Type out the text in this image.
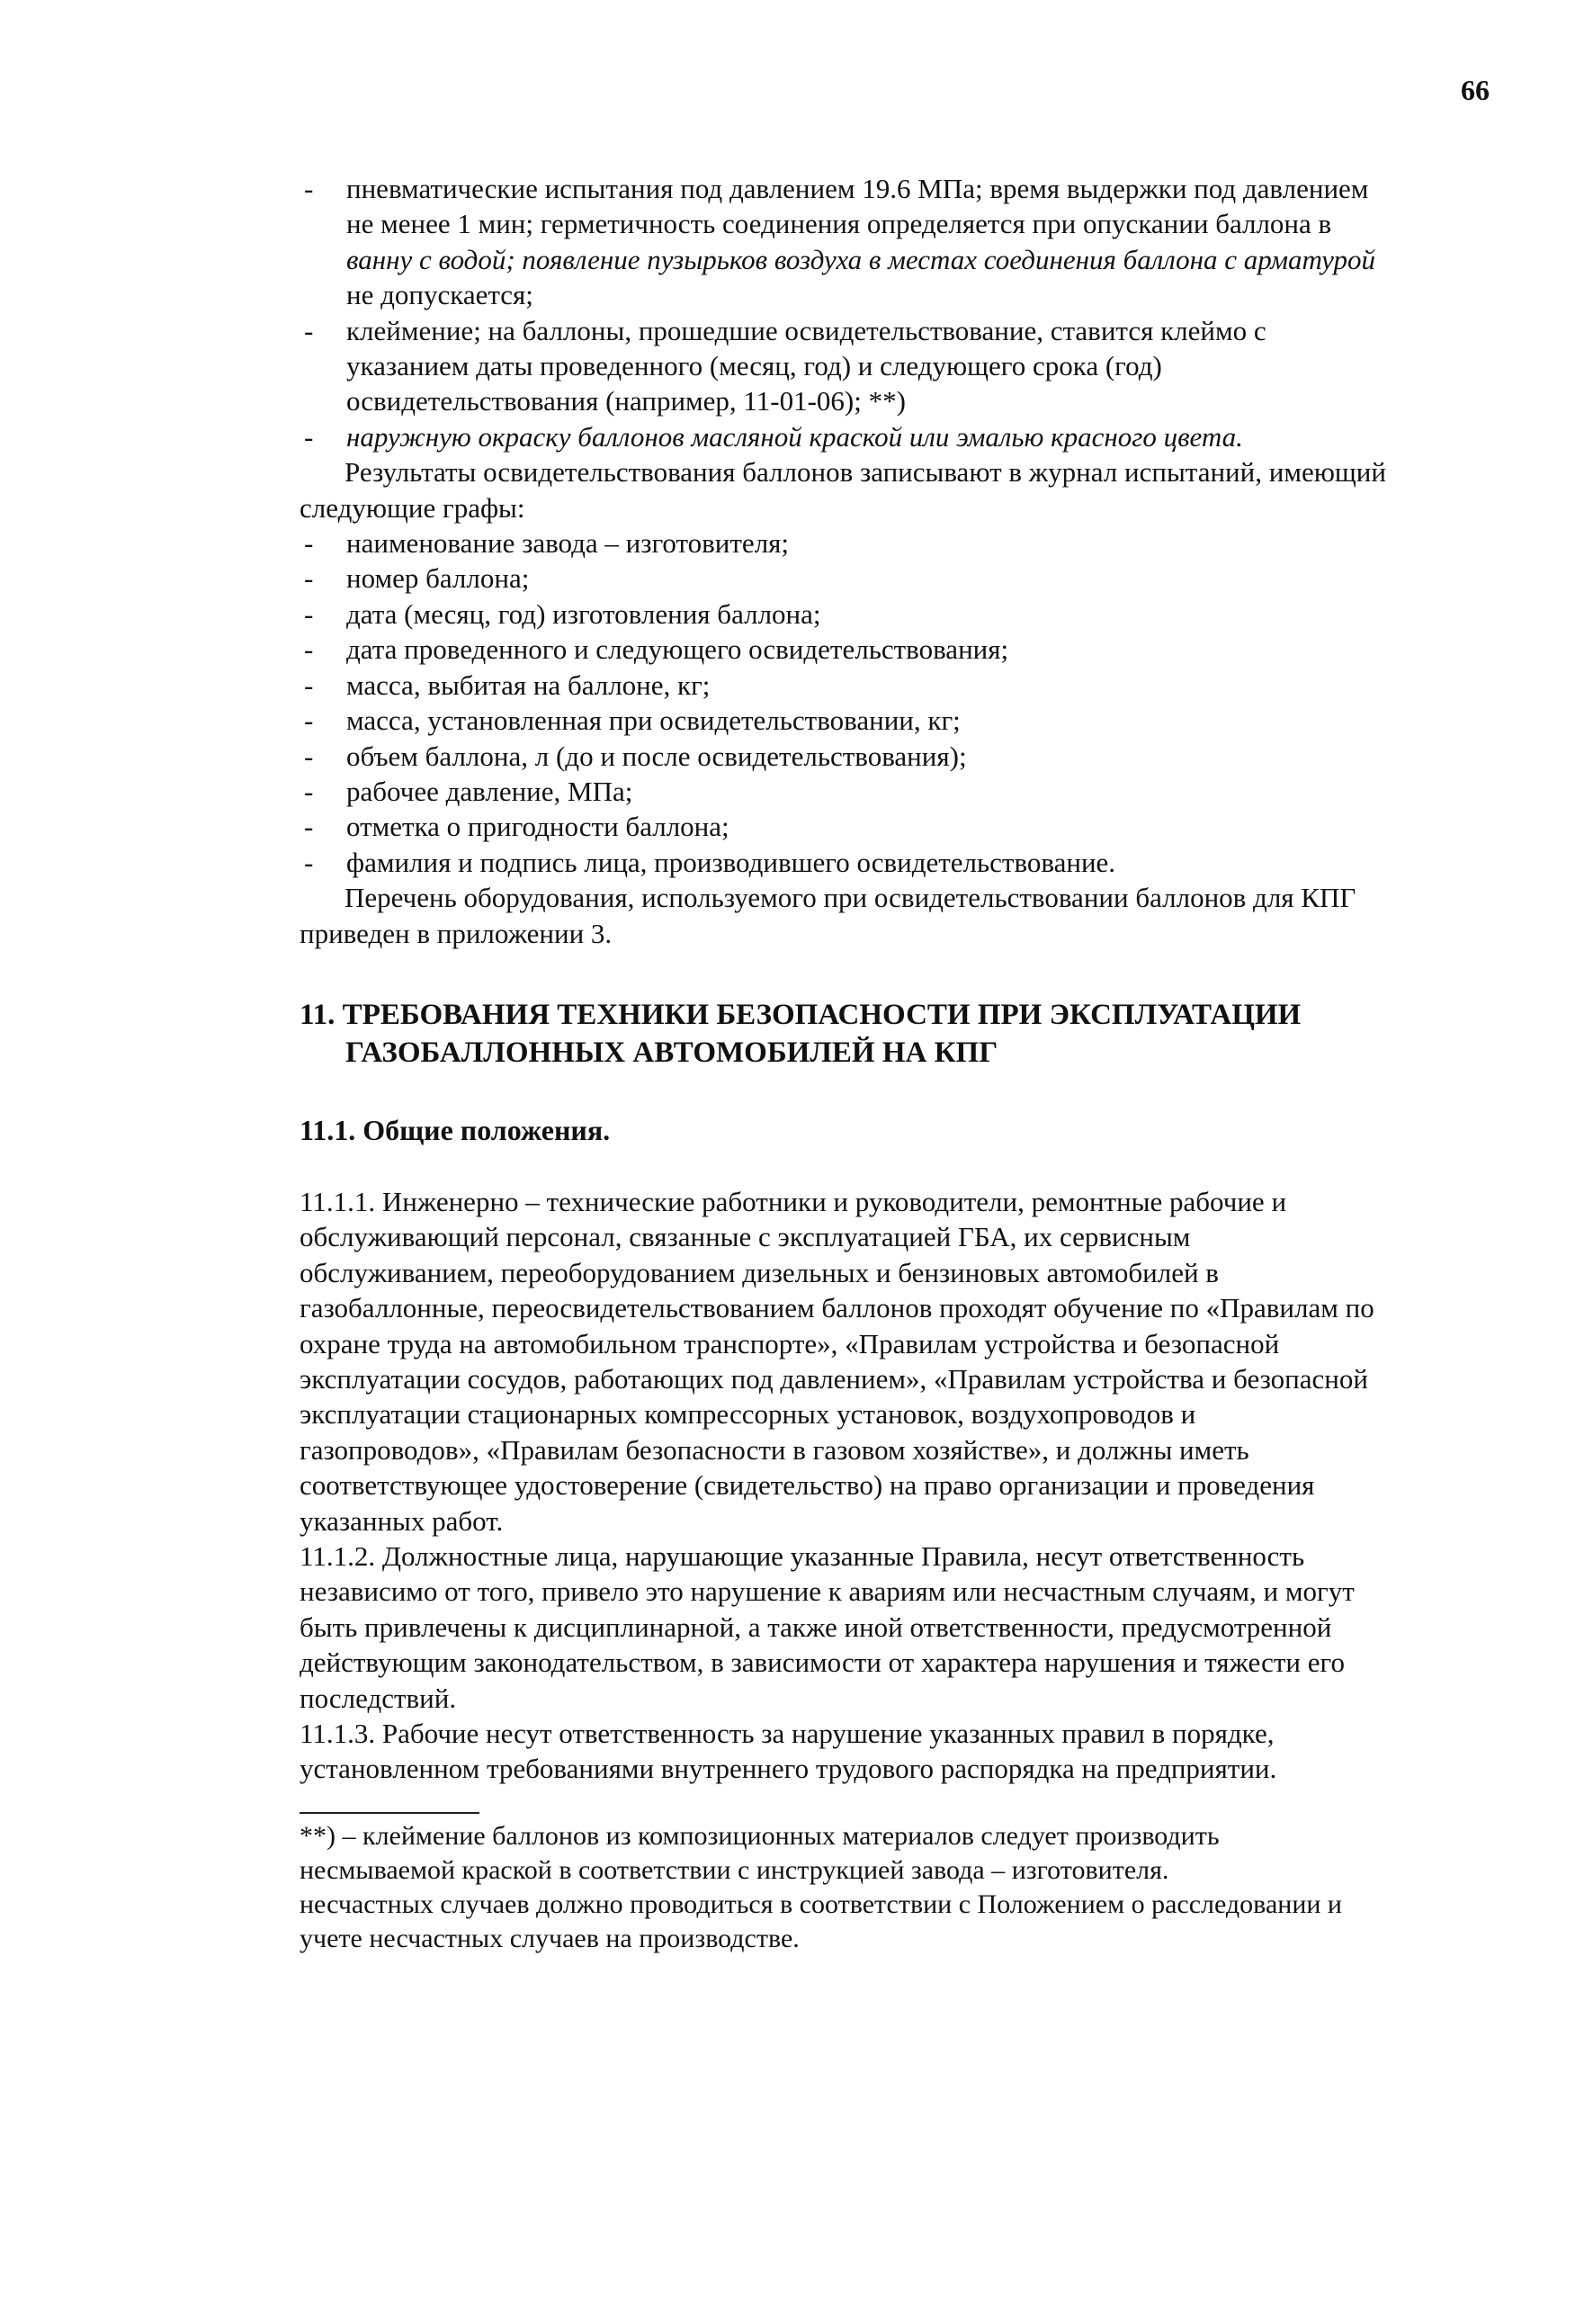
66
- пневматические испытания под давлением 19.6 МПа; время выдержки под давлением
не менее 1 мин; герметичность соединения определяется при опускании баллона в
ванну с водой; появление пузырьков воздуха в местах соединения баллона с арматурой
не допускается;
- клеймение; на баллоны, прошедшие освидетельствование, ставится клеймо с
указанием даты проведенного (месяц, год) и следующего срока (год)
освидетельствования (например, 11-01-06); **)
- наружную окраску баллонов масляной краской или эмалью красного цвета.
Результаты освидетельствования баллонов записывают в журнал испытаний, имеющий
следующие графы:
- наименование завода – изготовителя;
- номер баллона;
- дата (месяц, год) изготовления баллона;
- дата проведенного и следующего освидетельствования;
- масса, выбитая на баллоне, кг;
- масса, установленная при освидетельствовании, кг;
- объем баллона, л (до и после освидетельствования);
- рабочее давление, МПа;
- отметка о пригодности баллона;
- фамилия и подпись лица, производившего освидетельствование.
Перечень оборудования, используемого при освидетельствовании баллонов для КПГ
приведен в приложении 3.
11. ТРЕБОВАНИЯ ТЕХНИКИ БЕЗОПАСНОСТИ ПРИ ЭКСПЛУАТАЦИИ
ГАЗОБАЛЛОННЫХ АВТОМОБИЛЕЙ НА КПГ
11.1. Общие положения.
11.1.1. Инженерно – технические работники и руководители, ремонтные рабочие и
обслуживающий персонал, связанные с эксплуатацией ГБА, их сервисным
обслуживанием, переоборудованием дизельных и бензиновых автомобилей в
газобаллонные, переосвидетельствованием баллонов проходят обучение по «Правилам по
охране труда на автомобильном транспорте», «Правилам устройства и безопасной
эксплуатации сосудов, работающих под давлением», «Правилам устройства и безопасной
эксплуатации стационарных компрессорных установок, воздухопроводов и
газопроводов», «Правилам безопасности в газовом хозяйстве», и должны иметь
соответствующее удостоверение (свидетельство) на право организации и проведения
указанных работ.
11.1.2. Должностные лица, нарушающие указанные Правила, несут ответственность
независимо от того, привело это нарушение к авариям или несчастным случаям, и могут
быть привлечены к дисциплинарной, а также иной ответственности, предусмотренной
действующим законодательством, в зависимости от характера нарушения и тяжести его
последствий.
11.1.3. Рабочие несут ответственность за нарушение указанных правил в порядке,
установленном требованиями внутреннего трудового распорядка на предприятии.
**) – клеймение баллонов из композиционных материалов следует производить
несмываемой краской в соответствии с инструкцией завода – изготовителя.
несчастных случаев должно проводиться в соответствии с Положением о расследовании и
учете несчастных случаев на производстве.
